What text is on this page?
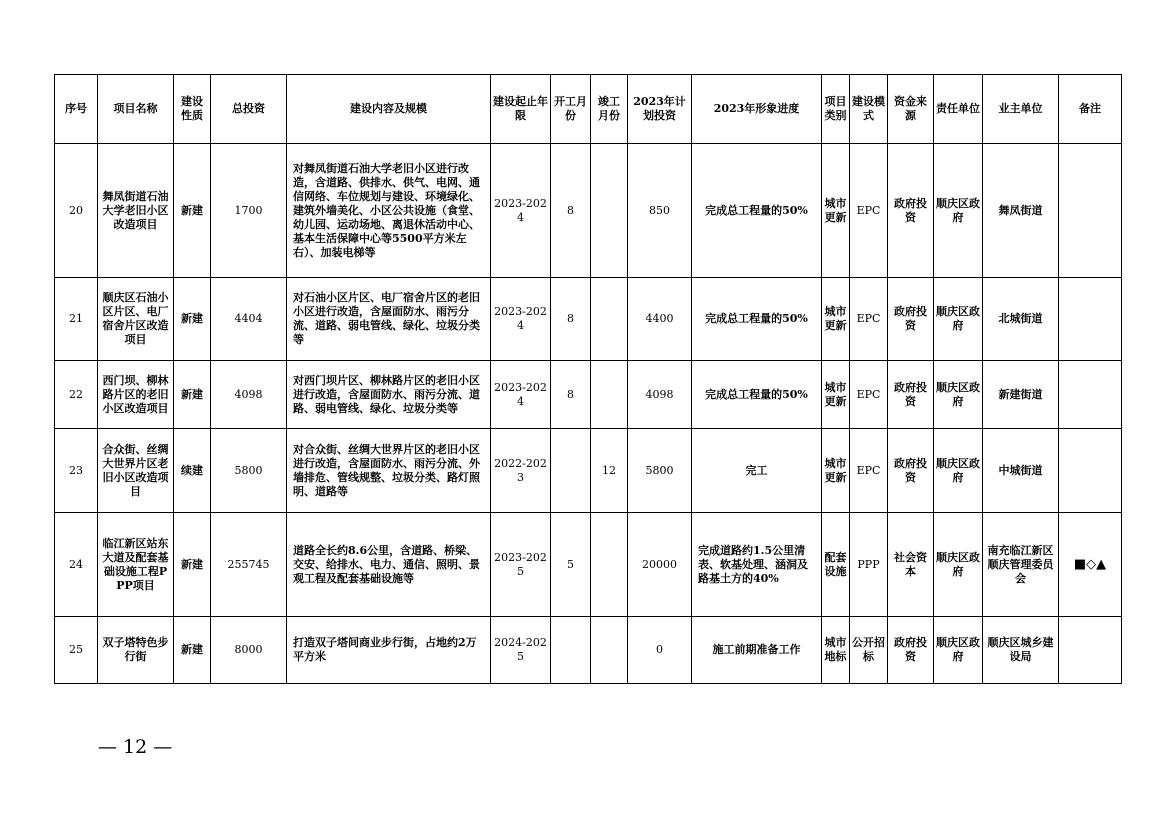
序号	项目名称	建设性质	总投资	建设内容及规模	建设起止年限	开工月份	竣工月份	2023年计划投资	2023年形象进度	项目类别	建设模式	资金来源	责任单位	业主单位	备注
20	舞凤街道石油大学老旧小区改造项目	新建	1700	对舞凤街道石油大学老旧小区进行改造，含道路、供排水、供气、电网、通信网络、车位规划与建设、环境绿化、建筑外墙美化、小区公共设施（食堂、幼儿园、运动场地、离退休活动中心、基本生活保障中心等5500平方米左右）、加装电梯等	2023-2024	8		850	完成总工程量的50%	城市更新	EPC	政府投资	顺庆区政府	舞凤街道	
21	顺庆区石油小区片区、电厂宿舍片区改造项目	新建	4404	对石油小区片区、电厂宿舍片区的老旧小区进行改造，含屋面防水、雨污分流、道路、弱电管线、绿化、垃圾分类等	2023-2024	8		4400	完成总工程量的50%	城市更新	EPC	政府投资	顺庆区政府	北城街道	
22	西门坝、柳林路片区的老旧小区改造项目	新建	4098	对西门坝片区、柳林路片区的老旧小区进行改造，含屋面防水、雨污分流、道路、弱电管线、绿化、垃圾分类等	2023-2024	8		4098	完成总工程量的50%	城市更新	EPC	政府投资	顺庆区政府	新建街道	
23	合众街、丝绸大世界片区老旧小区改造项目	续建	5800	对合众街、丝绸大世界片区的老旧小区进行改造，含屋面防水、雨污分流、外墙排危、管线规整、垃圾分类、路灯照明、道路等	2022-2023		12	5800	完工	城市更新	EPC	政府投资	顺庆区政府	中城街道	
24	临江新区站东大道及配套基础设施工程PPP项目	新建	255745	道路全长约8.6公里，含道路、桥梁、交安、给排水、电力、通信、照明、景观工程及配套基础设施等	2023-2025	5		20000	完成道路约1.5公里清表、软基处理、涵洞及路基土方的40%	配套设施	PPP	社会资本	顺庆区政府	南充临江新区顺庆管理委员会	■◇▲
25	双子塔特色步行街	新建	8000	打造双子塔间商业步行街，占地约2万平方米	2024-2025			0	施工前期准备工作	城市地标	公开招标	政府投资	顺庆区政府	顺庆区城乡建设局	
— 12 —
